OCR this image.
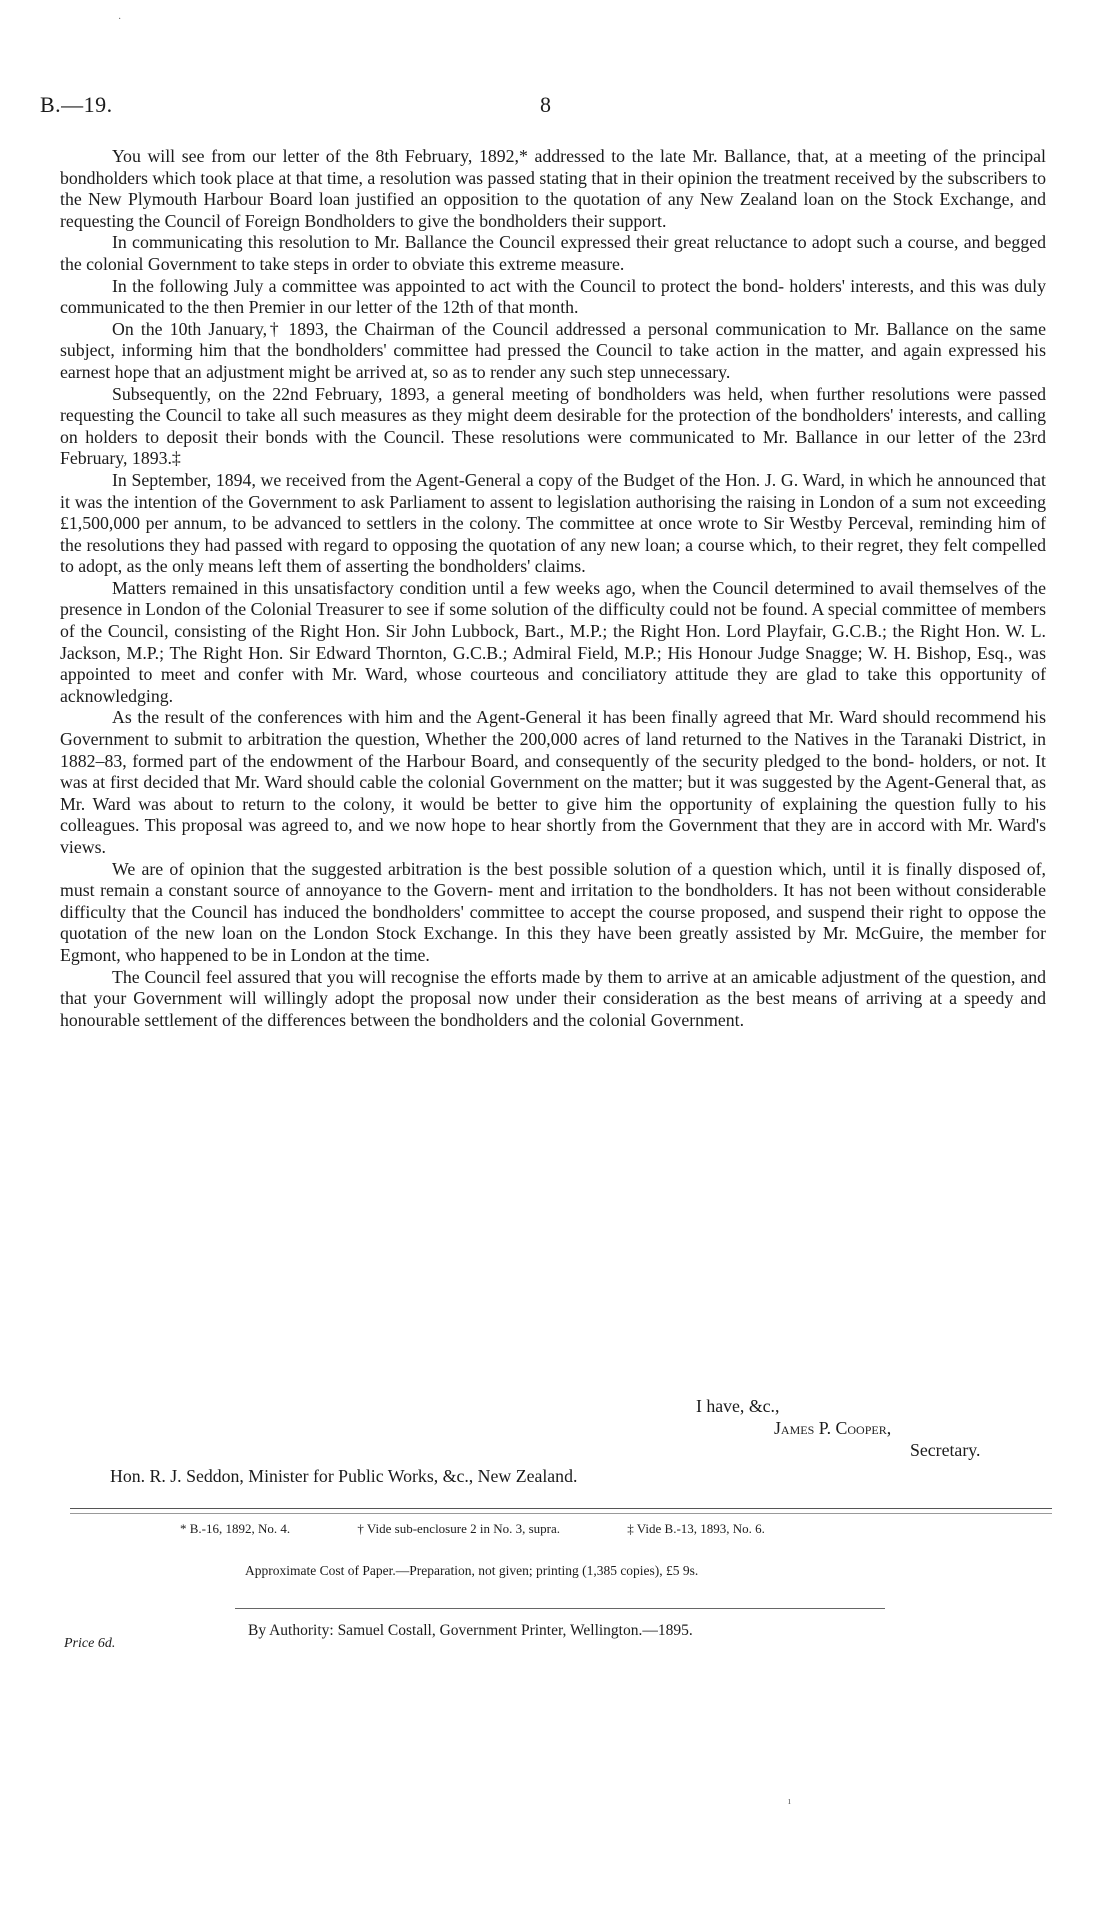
B.—19.	8

You will see from our letter of the 8th February, 1892,* addressed to the late Mr. Ballance, that, at a meeting of the principal bondholders which took place at that time, a resolution was passed stating that in their opinion the treatment received by the subscribers to the New Plymouth Harbour Board loan justified an opposition to the quotation of any New Zealand loan on the Stock Exchange, and requesting the Council of Foreign Bondholders to give the bondholders their support.

In communicating this resolution to Mr. Ballance the Council expressed their great reluctance to adopt such a course, and begged the colonial Government to take steps in order to obviate this extreme measure.

In the following July a committee was appointed to act with the Council to protect the bond- holders' interests, and this was duly communicated to the then Premier in our letter of the 12th of that month.

On the 10th January,† 1893, the Chairman of the Council addressed a personal communication to Mr. Ballance on the same subject, informing him that the bondholders' committee had pressed the Council to take action in the matter, and again expressed his earnest hope that an adjustment might be arrived at, so as to render any such step unnecessary.

Subsequently, on the 22nd February, 1893, a general meeting of bondholders was held, when further resolutions were passed requesting the Council to take all such measures as they might deem desirable for the protection of the bondholders' interests, and calling on holders to deposit their bonds with the Council. These resolutions were communicated to Mr. Ballance in our letter of the 23rd February, 1893.‡

In September, 1894, we received from the Agent-General a copy of the Budget of the Hon. J. G. Ward, in which he announced that it was the intention of the Government to ask Parliament to assent to legislation authorising the raising in London of a sum not exceeding £1,500,000 per annum, to be advanced to settlers in the colony. The committee at once wrote to Sir Westby Perceval, reminding him of the resolutions they had passed with regard to opposing the quotation of any new loan; a course which, to their regret, they felt compelled to adopt, as the only means left them of asserting the bondholders' claims.

Matters remained in this unsatisfactory condition until a few weeks ago, when the Council determined to avail themselves of the presence in London of the Colonial Treasurer to see if some solution of the difficulty could not be found. A special committee of members of the Council, consisting of the Right Hon. Sir John Lubbock, Bart., M.P.; the Right Hon. Lord Playfair, G.C.B.; the Right Hon. W. L. Jackson, M.P.; The Right Hon. Sir Edward Thornton, G.C.B.; Admiral Field, M.P.; His Honour Judge Snagge; W. H. Bishop, Esq., was appointed to meet and confer with Mr. Ward, whose courteous and conciliatory attitude they are glad to take this opportunity of acknowledging.

As the result of the conferences with him and the Agent-General it has been finally agreed that Mr. Ward should recommend his Government to submit to arbitration the question, Whether the 200,000 acres of land returned to the Natives in the Taranaki District, in 1882–83, formed part of the endowment of the Harbour Board, and consequently of the security pledged to the bond- holders, or not. It was at first decided that Mr. Ward should cable the colonial Government on the matter; but it was suggested by the Agent-General that, as Mr. Ward was about to return to the colony, it would be better to give him the opportunity of explaining the question fully to his colleagues. This proposal was agreed to, and we now hope to hear shortly from the Government that they are in accord with Mr. Ward's views.

We are of opinion that the suggested arbitration is the best possible solution of a question which, until it is finally disposed of, must remain a constant source of annoyance to the Govern- ment and irritation to the bondholders. It has not been without considerable difficulty that the Council has induced the bondholders' committee to accept the course proposed, and suspend their right to oppose the quotation of the new loan on the London Stock Exchange. In this they have been greatly assisted by Mr. McGuire, the member for Egmont, who happened to be in London at the time.

The Council feel assured that you will recognise the efforts made by them to arrive at an amicable adjustment of the question, and that your Government will willingly adopt the proposal now under their consideration as the best means of arriving at a speedy and honourable settlement of the differences between the bondholders and the colonial Government.

I have, &c.,
James P. Cooper,
Secretary.
Hon. R. J. Seddon, Minister for Public Works, &c., New Zealand.
* B.-16, 1892, No. 4.	† Vide sub-enclosure 2 in No. 3, supra.	‡ Vide B.-13, 1893, No. 6.
Approximate Cost of Paper.—Preparation, not given; printing (1,385 copies), £5 9s.
Price 6d.
By Authority: Samuel Costall, Government Printer, Wellington.—1895.
·
ı
